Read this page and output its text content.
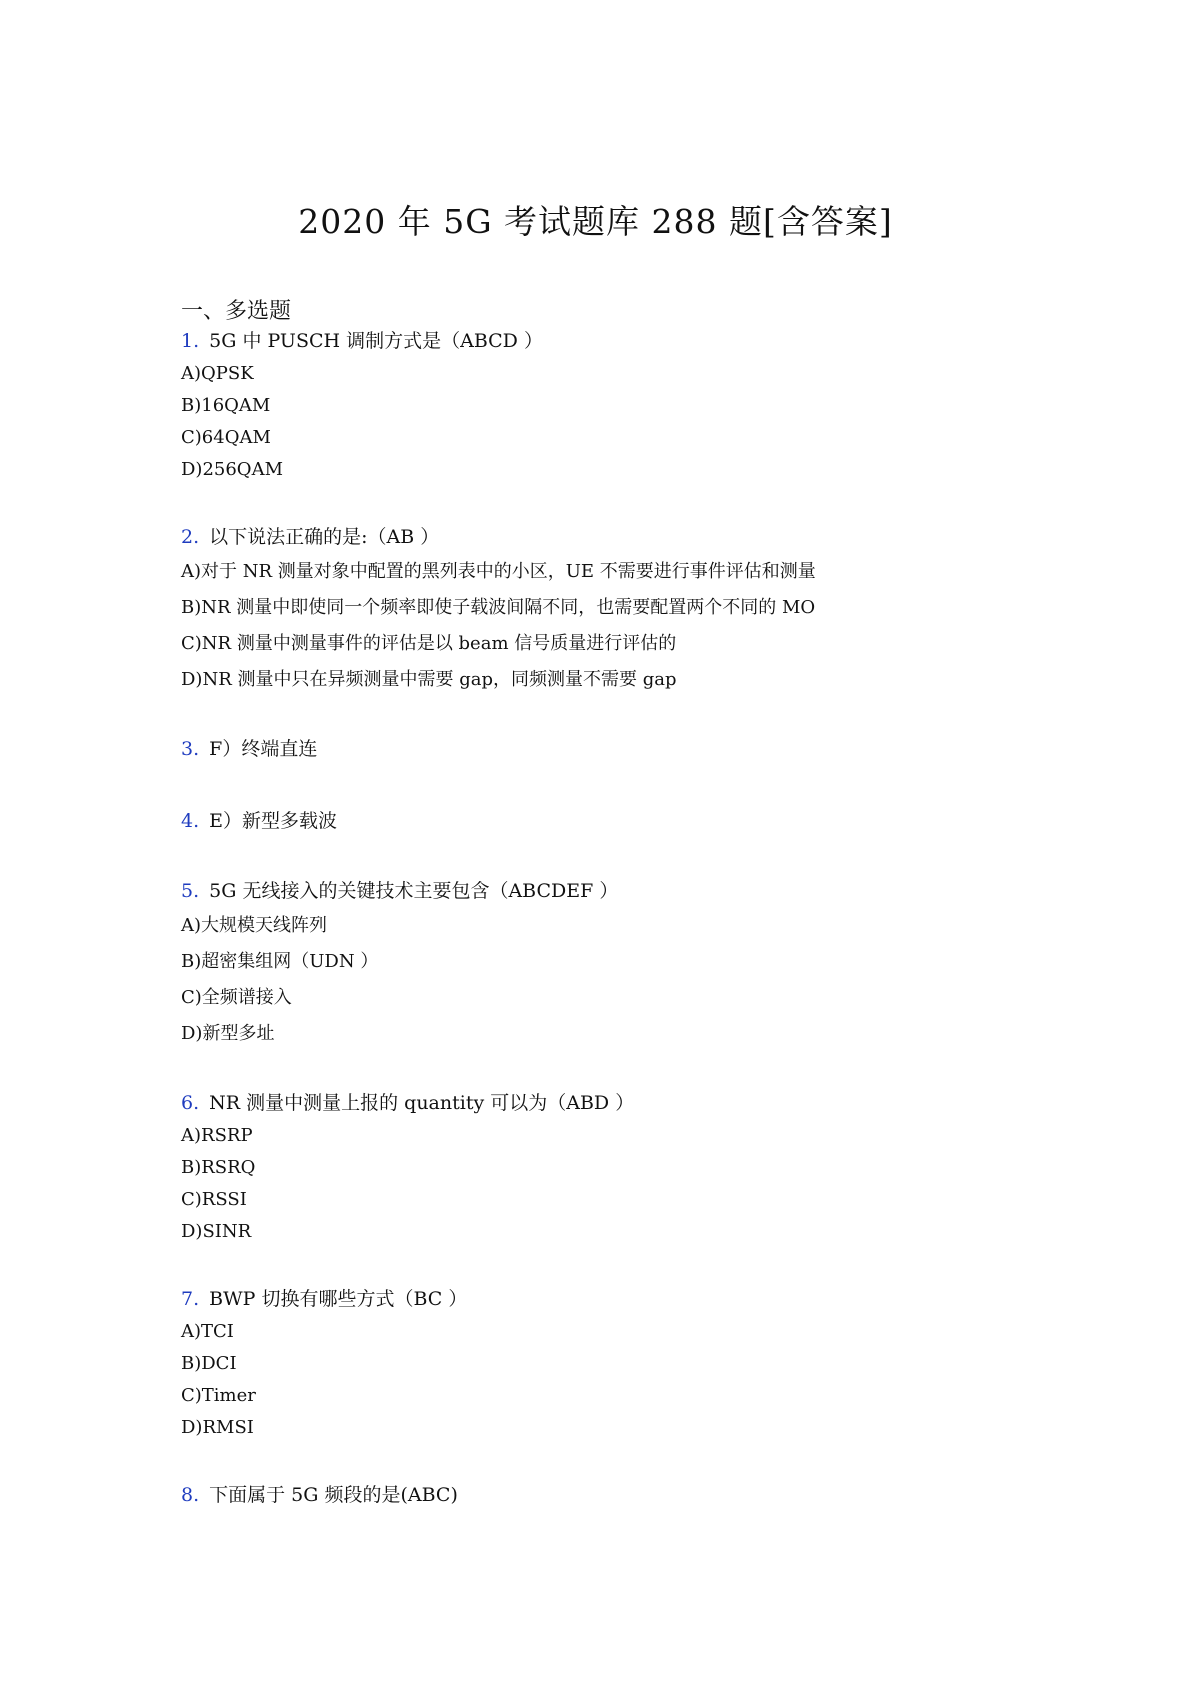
2020 年 5G 考试题库 288 题[含答案]
一、多选题
1. 5G 中 PUSCH 调制方式是（ABCD ）
A)QPSK
B)16QAM
C)64QAM
D)256QAM
2. 以下说法正确的是:（AB ）
A)对于 NR 测量对象中配置的黑列表中的小区，UE 不需要进行事件评估和测量
B)NR 测量中即使同一个频率即使子载波间隔不同，也需要配置两个不同的 MO
C)NR 测量中测量事件的评估是以 beam 信号质量进行评估的
D)NR 测量中只在异频测量中需要 gap，同频测量不需要 gap
3. F）终端直连
4. E）新型多载波
5. 5G 无线接入的关键技术主要包含（ABCDEF ）
A)大规模天线阵列
B)超密集组网（UDN ）
C)全频谱接入
D)新型多址
6. NR 测量中测量上报的 quantity 可以为（ABD ）
A)RSRP
B)RSRQ
C)RSSI
D)SINR
7. BWP 切换有哪些方式（BC ）
A)TCI
B)DCI
C)Timer
D)RMSI
8. 下面属于 5G 频段的是(ABC)
